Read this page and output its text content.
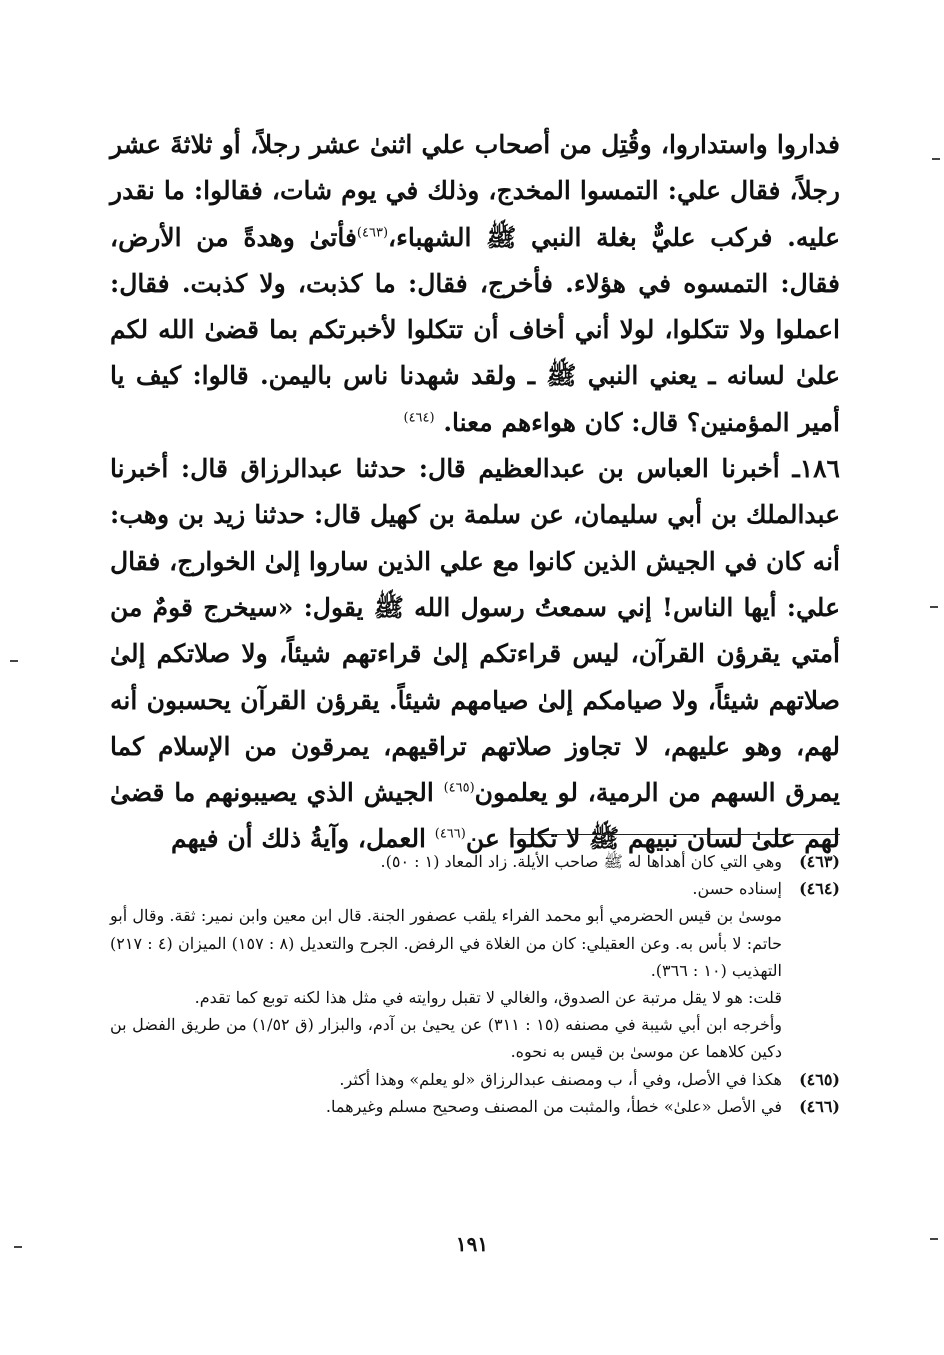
فداروا واستداروا، وقُتِل من أصحاب علي اثنىٰ عشر رجلاً، أو ثلاثةَ عشر رجلاً، فقال علي: التمسوا المخدج، وذلك في يوم شات، فقالوا: ما نقدر عليه. فركب عليٌّ بغلة النبي ﷺ الشهباء،$^{(٤٦٣)}$فأتىٰ وهدةً من الأرض، فقال: التمسوه في هؤلاء. فأخرج، فقال: ما كذبت، ولا كذبت. فقال: اعملوا ولا تتكلوا، لولا أني أخاف أن تتكلوا لأخبرتكم بما قضىٰ الله لكم علىٰ لسانه ـ يعني النبي ﷺ ـ ولقد شهدنا ناس باليمن. قالوا: كيف يا أمير المؤمنين؟ قال: كان هواءهم معنا. $^{(٤٦٤)}$

١٨٦ـ أخبرنا العباس بن عبدالعظيم قال: حدثنا عبدالرزاق قال: أخبرنا عبدالملك بن أبي سليمان، عن سلمة بن كهيل قال: حدثنا زيد بن وهب: أنه كان في الجيش الذين كانوا مع علي الذين ساروا إلىٰ الخوارج، فقال علي: أيها الناس! إني سمعتُ رسول الله ﷺ يقول: «سيخرج قومٌ من أمتي يقرؤن القرآن، ليس قراءتكم إلىٰ قراءتهم شيئاً، ولا صلاتكم إلىٰ صلاتهم شيئاً، ولا صيامكم إلىٰ صيامهم شيئاً. يقرؤن القرآن يحسبون أنه لهم، وهو عليهم، لا تجاوز صلاتهم تراقيهم، يمرقون من الإسلام كما يمرق السهم من الرمية، لو يعلمون$^{(٤٦٥)}$ الجيش الذي يصيبونهم ما قضىٰ لهم علىٰ لسان نبيهم ﷺ لا تكلوا عن$^{(٤٦٦)}$ العمل، وآيةُ ذلك أن فيهم

(٤٦٣)
وهي التي كان أهداها له ﷺ صاحب الأيلة. زاد المعاد (١ : ٥٠).
(٤٦٤)
إسناده حسن.

موسىٰ بن قيس الحضرمي أبو محمد الفراء يلقب عصفور الجنة. قال ابن معين وابن نمير: ثقة. وقال أبو حاتم: لا بأس به. وعن العقيلي: كان من الغلاة في الرفض. الجرح والتعديل (٨ : ١٥٧) الميزان (٤ : ٢١٧) التهذيب (١٠ : ٣٦٦).

قلت: هو لا يقل مرتبة عن الصدوق، والغالي لا تقبل روايته في مثل هذا لكنه توبع كما تقدم.

وأخرجه ابن أبي شيبة في مصنفه (١٥ : ٣١١) عن يحيىٰ بن آدم، والبزار (ق ١/٥٢) من طريق الفضل بن دكين كلاهما عن موسىٰ بن قيس به نحوه.

(٤٦٥)
هكذا في الأصل، وفي أ، ب ومصنف عبدالرزاق «لو يعلم» وهذا أكثر.
(٤٦٦)
في الأصل «علىٰ» خطأ، والمثبت من المصنف وصحيح مسلم وغيرهما.
١٩١
